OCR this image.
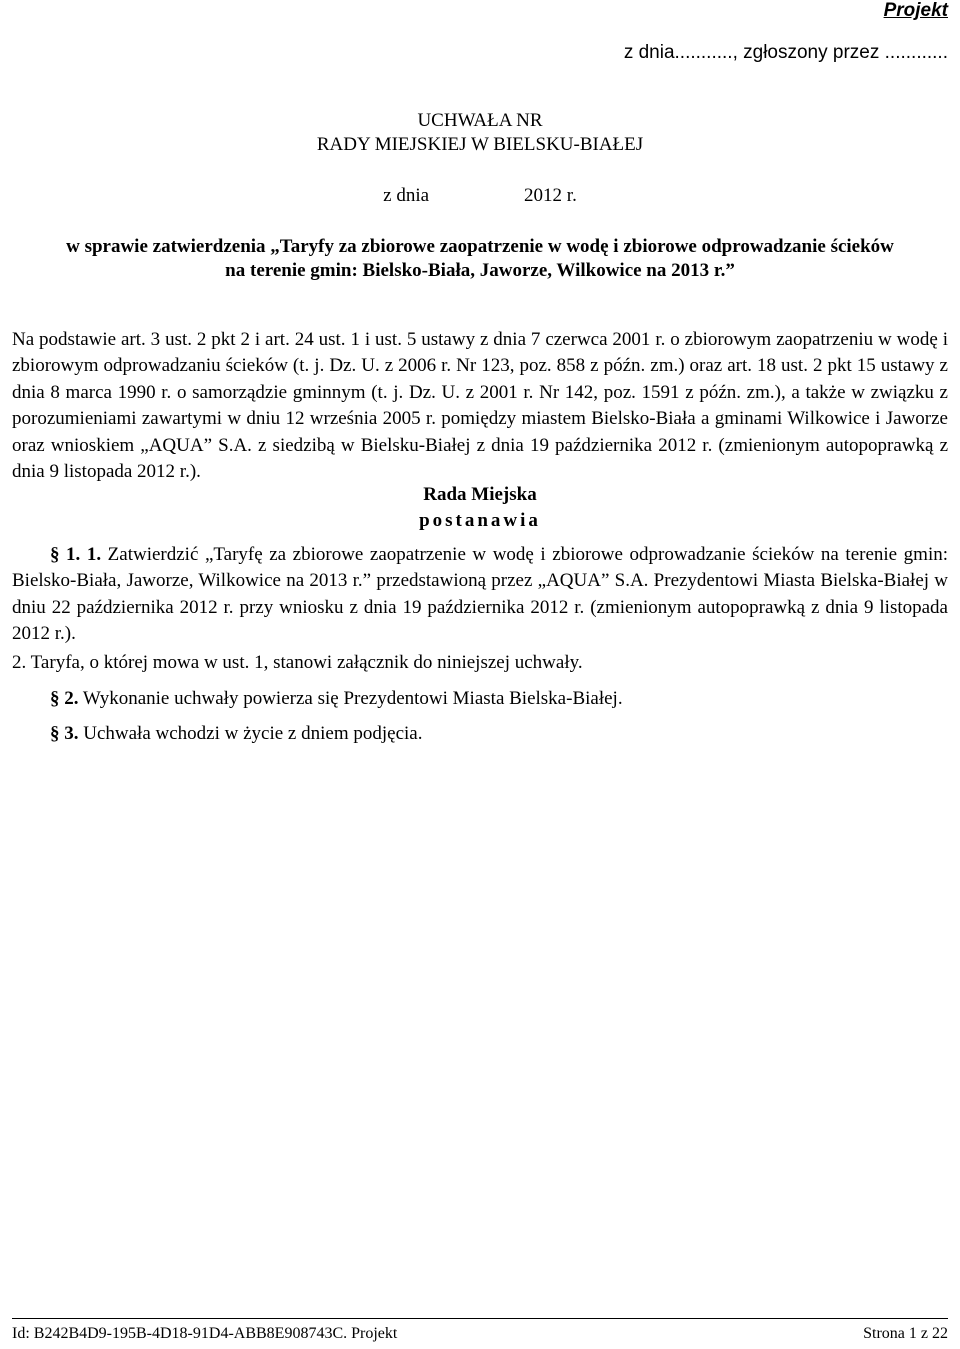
Projekt
z dnia..........., zgłoszony przez ............
UCHWAŁA NR
RADY MIEJSKIEJ W BIELSKU-BIAŁEJ
z dnia                    2012 r.
w sprawie zatwierdzenia „Taryfy za zbiorowe zaopatrzenie w wodę i zbiorowe odprowadzanie ścieków
na terenie gmin: Bielsko-Biała, Jaworze, Wilkowice na 2013 r.”
Na podstawie art. 3 ust. 2 pkt 2 i art. 24 ust. 1 i ust. 5 ustawy z dnia 7 czerwca 2001 r. o zbiorowym zaopatrzeniu w wodę i zbiorowym odprowadzaniu ścieków (t. j. Dz. U. z 2006 r. Nr 123, poz. 858 z późn. zm.) oraz art. 18 ust. 2 pkt 15 ustawy z dnia 8 marca 1990 r. o samorządzie gminnym (t. j. Dz. U. z 2001 r. Nr 142, poz. 1591 z późn. zm.), a także w związku z porozumieniami zawartymi w dniu 12 września 2005 r. pomiędzy miastem Bielsko-Biała a gminami Wilkowice i Jaworze oraz wnioskiem „AQUA” S.A. z siedzibą w Bielsku-Białej z dnia 19 października 2012 r. (zmienionym autopoprawką z dnia 9 listopada 2012 r.).
Rada Miejska
postanawia
§ 1. 1. Zatwierdzić „Taryfę za zbiorowe zaopatrzenie w wodę i zbiorowe odprowadzanie ścieków na terenie gmin: Bielsko-Biała, Jaworze, Wilkowice na 2013 r.” przedstawioną przez „AQUA” S.A. Prezydentowi Miasta Bielska-Białej w dniu 22 października 2012 r. przy wniosku z dnia 19 października 2012 r. (zmienionym autopoprawką z dnia 9 listopada 2012 r.).
2. Taryfa, o której mowa w ust. 1, stanowi załącznik do niniejszej uchwały.
§ 2. Wykonanie uchwały powierza się Prezydentowi Miasta Bielska-Białej.
§ 3. Uchwała wchodzi w życie z dniem podjęcia.
Id: B242B4D9-195B-4D18-91D4-ABB8E908743C. Projekt	Strona 1 z 22
